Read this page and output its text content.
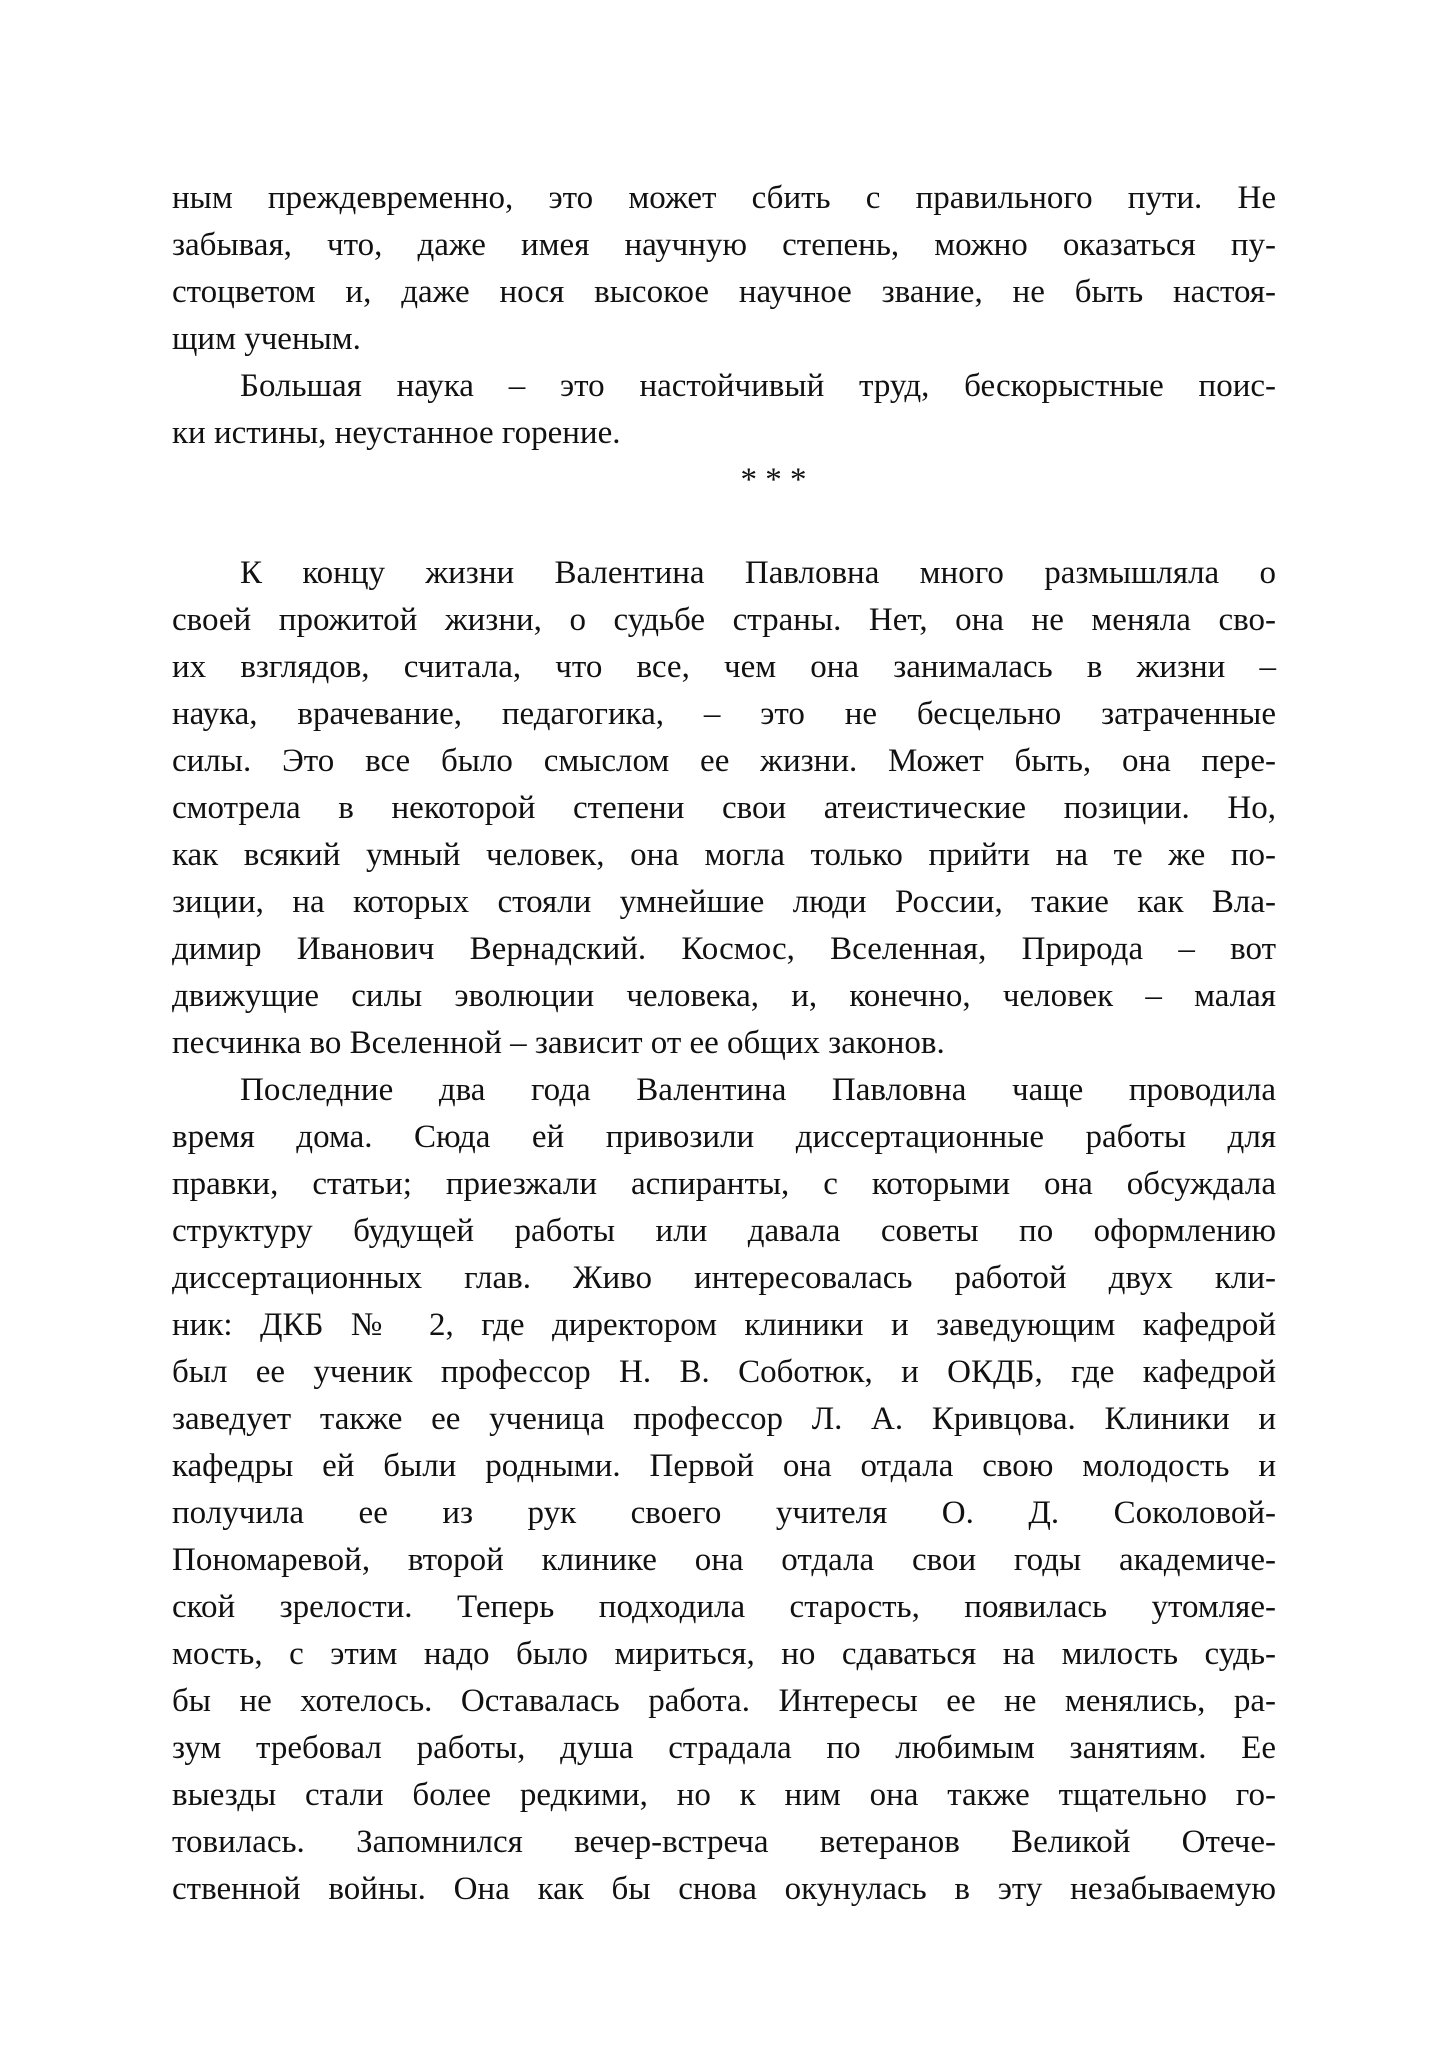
ным преждевременно, это может сбить с правильного пути. Не
забывая, что, даже имея научную степень, можно оказаться пу-
стоцветом и, даже нося высокое научное звание, не быть настоя-
щим ученым.
Большая наука – это настойчивый труд, бескорыстные поис-
ки истины, неустанное горение.
* * *
К концу жизни Валентина Павловна много размышляла о
своей прожитой жизни, о судьбе страны. Нет, она не меняла сво-
их взглядов, считала, что все, чем она занималась в жизни –
наука, врачевание, педагогика, – это не бесцельно затраченные
силы. Это все было смыслом ее жизни. Может быть, она пере-
смотрела в некоторой степени свои атеистические позиции. Но,
как всякий умный человек, она могла только прийти на те же по-
зиции, на которых стояли умнейшие люди России, такие как Вла-
димир Иванович Вернадский. Космос, Вселенная, Природа – вот
движущие силы эволюции человека, и, конечно, человек – малая
песчинка во Вселенной – зависит от ее общих законов.
Последние два года Валентина Павловна чаще проводила
время дома. Сюда ей привозили диссертационные работы для
правки, статьи; приезжали аспиранты, с которыми она обсуждала
структуру будущей работы или давала советы по оформлению
диссертационных глав. Живо интересовалась работой двух кли-
ник: ДКБ № 2, где директором клиники и заведующим кафедрой
был ее ученик профессор Н. В. Соботюк, и ОКДБ, где кафедрой
заведует также ее ученица профессор Л. А. Кривцова. Клиники и
кафедры ей были родными. Первой она отдала свою молодость и
получила ее из рук своего учителя О. Д. Соколовой-
Пономаревой, второй клинике она отдала свои годы академиче-
ской зрелости. Теперь подходила старость, появилась утомляе-
мость, с этим надо было мириться, но сдаваться на милость судь-
бы не хотелось. Оставалась работа. Интересы ее не менялись, ра-
зум требовал работы, душа страдала по любимым занятиям. Ее
выезды стали более редкими, но к ним она также тщательно го-
товилась. Запомнился вечер-встреча ветеранов Великой Отече-
ственной войны. Она как бы снова окунулась в эту незабываемую
